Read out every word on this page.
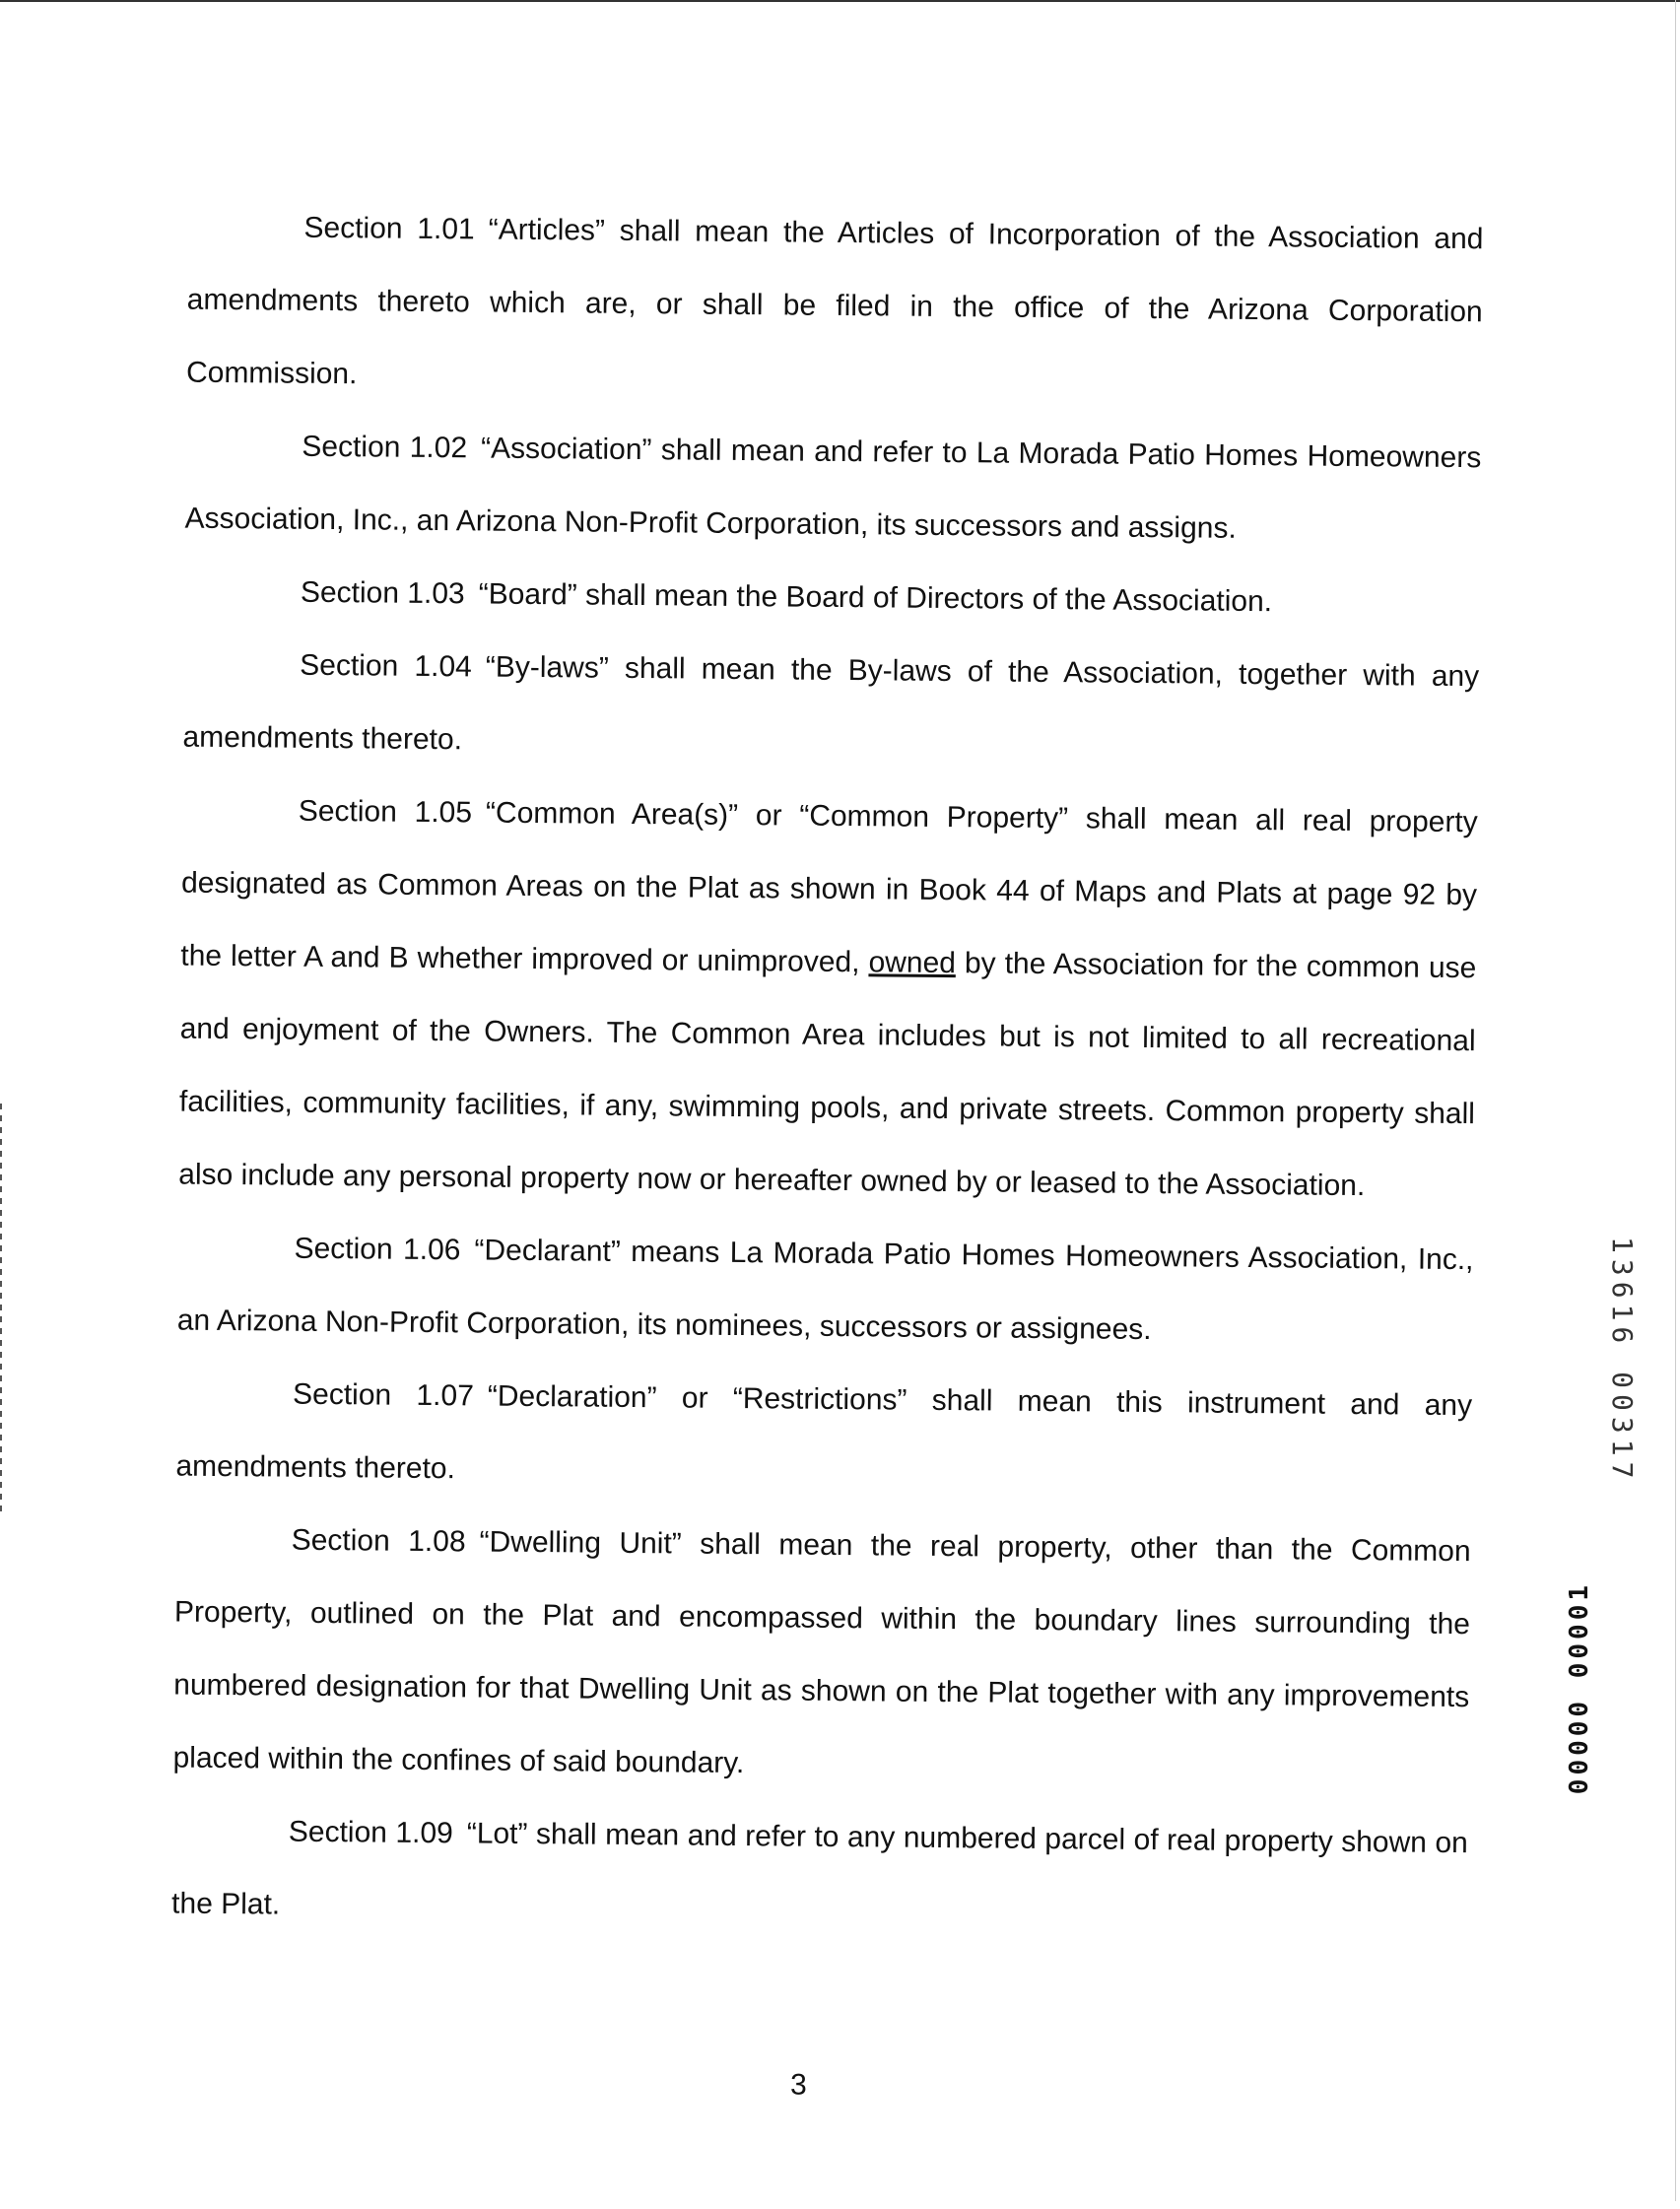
Section 1.01 “Articles” shall mean the Articles of Incorporation of the Association and amendments thereto which are, or shall be filed in the office of the Arizona Corporation Commission.

Section 1.02 “Association” shall mean and refer to La Morada Patio Homes Homeowners Association, Inc., an Arizona Non-Profit Corporation, its successors and assigns.

Section 1.03 “Board” shall mean the Board of Directors of the Association.

Section 1.04 “By-laws” shall mean the By-laws of the Association, together with any amendments thereto.

Section 1.05 “Common Area(s)” or “Common Property” shall mean all real property designated as Common Areas on the Plat as shown in Book 44 of Maps and Plats at page 92 by the letter A and B whether improved or unimproved, owned by the Association for the common use and enjoyment of the Owners. The Common Area includes but is not limited to all recreational facilities, community facilities, if any, swimming pools, and private streets. Common property shall also include any personal property now or hereafter owned by or leased to the Association.

Section 1.06 “Declarant” means La Morada Patio Homes Homeowners Association, Inc., an Arizona Non-Profit Corporation, its nominees, successors or assignees.

Section 1.07 “Declaration” or “Restrictions” shall mean this instrument and any amendments thereto.

Section 1.08 “Dwelling Unit” shall mean the real property, other than the Common Property, outlined on the Plat and encompassed within the boundary lines surrounding the numbered designation for that Dwelling Unit as shown on the Plat together with any improvements placed within the confines of said boundary.

Section 1.09 “Lot” shall mean and refer to any numbered parcel of real property shown on the Plat.

3
13616 00317
00000 00001
